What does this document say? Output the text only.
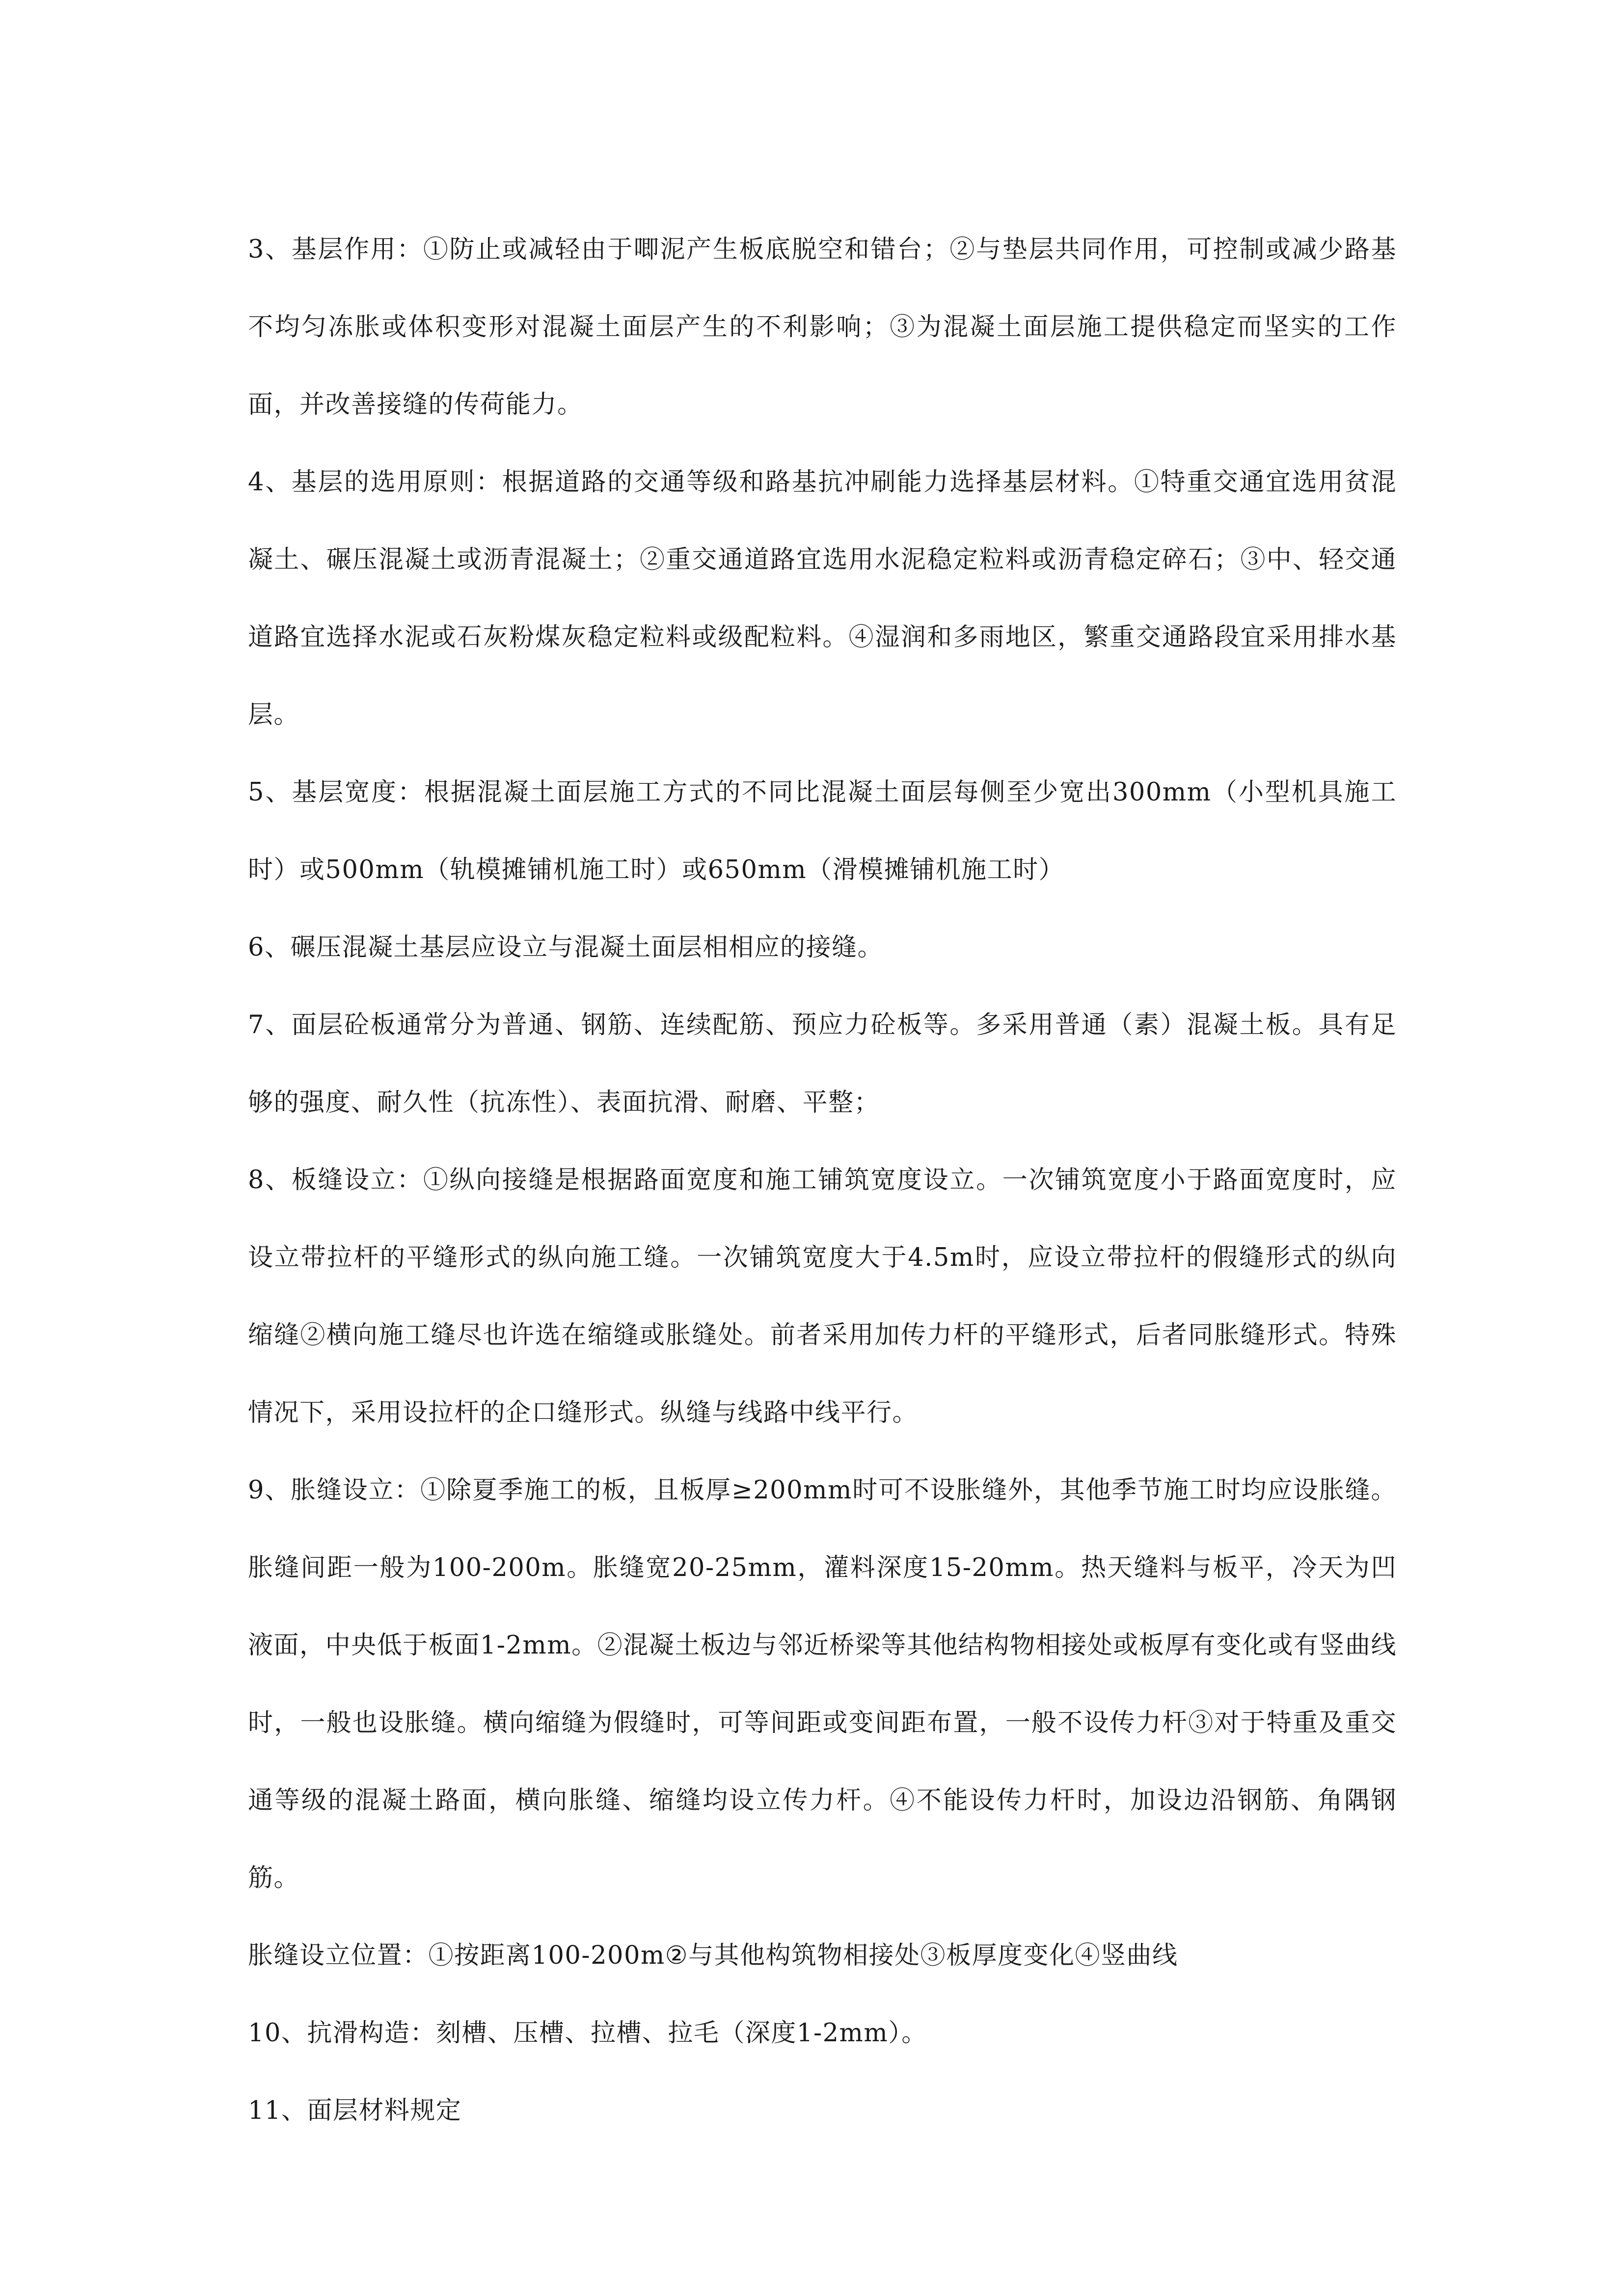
3、基层作用：①防止或减轻由于唧泥产生板底脱空和错台；②与垫层共同作用，可控制或减少路基不均匀冻胀或体积变形对混凝土面层产生的不利影响；③为混凝土面层施工提供稳定而坚实的工作面，并改善接缝的传荷能力。

4、基层的选用原则：根据道路的交通等级和路基抗冲刷能力选择基层材料。①特重交通宜选用贫混凝土、碾压混凝土或沥青混凝土；②重交通道路宜选用水泥稳定粒料或沥青稳定碎石；③中、轻交通道路宜选择水泥或石灰粉煤灰稳定粒料或级配粒料。④湿润和多雨地区，繁重交通路段宜采用排水基层。

5、基层宽度：根据混凝土面层施工方式的不同比混凝土面层每侧至少宽出300mm（小型机具施工时）或500mm（轨模摊铺机施工时）或650mm（滑模摊铺机施工时）

6、碾压混凝土基层应设立与混凝土面层相相应的接缝。

7、面层砼板通常分为普通、钢筋、连续配筋、预应力砼板等。多采用普通（素）混凝土板。具有足够的强度、耐久性（抗冻性）、表面抗滑、耐磨、平整；

8、板缝设立：①纵向接缝是根据路面宽度和施工铺筑宽度设立。一次铺筑宽度小于路面宽度时，应设立带拉杆的平缝形式的纵向施工缝。一次铺筑宽度大于4.5m时，应设立带拉杆的假缝形式的纵向缩缝②横向施工缝尽也许选在缩缝或胀缝处。前者采用加传力杆的平缝形式，后者同胀缝形式。特殊情况下，采用设拉杆的企口缝形式。纵缝与线路中线平行。

9、胀缝设立：①除夏季施工的板，且板厚≥200mm时可不设胀缝外，其他季节施工时均应设胀缝。胀缝间距一般为100-200m。胀缝宽20-25mm，灌料深度15-20mm。热天缝料与板平，冷天为凹液面，中央低于板面1-2mm。②混凝土板边与邻近桥梁等其他结构物相接处或板厚有变化或有竖曲线时，一般也设胀缝。横向缩缝为假缝时，可等间距或变间距布置，一般不设传力杆③对于特重及重交通等级的混凝土路面，横向胀缝、缩缝均设立传力杆。④不能设传力杆时，加设边沿钢筋、角隅钢筋。

胀缝设立位置：①按距离100-200m②与其他构筑物相接处③板厚度变化④竖曲线

10、抗滑构造：刻槽、压槽、拉槽、拉毛（深度1-2mm）。

11、面层材料规定
